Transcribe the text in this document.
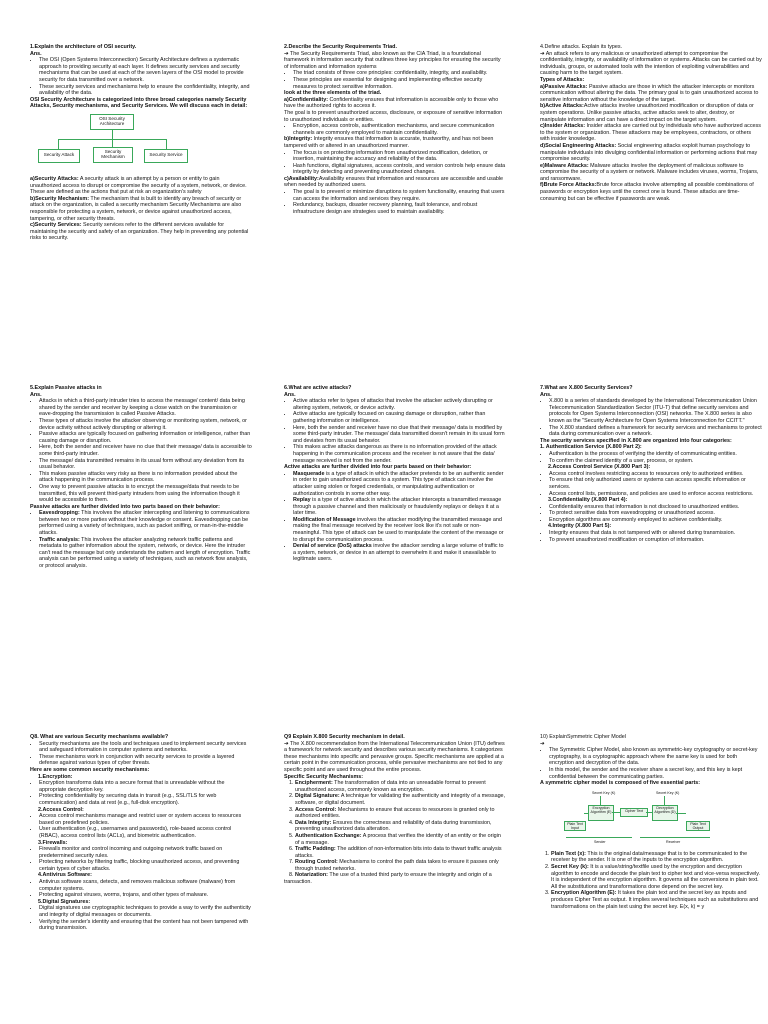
1.Explain the architecture of OSI security.

Ans.

• The OSI (Open Systems Interconnection) Security Architecture defines a systematic approach to providing security at each layer. It defines security services and security mechanisms that can be used at each of the seven layers of the OSI model to provide security for data transmitted over a network.
• These security services and mechanisms help to ensure the confidentiality, integrity, and availability of the data.

OSI Security Architecture is categorized into three broad categories namely Security Attacks, Security mechanisms, and Security Services. We will discuss each in detail:

OSI Security Architecture
Security Attack
Security Mechanism	Security Service

a)Security Attacks: A security attack is an attempt by a person or entity to gain unauthorized access to disrupt or compromise the security of a system, network, or device. These are defined as the actions that put at risk an organization's safety

b)Security Mechanism: The mechanism that is built to identify any breach of security or attack on the organization, is called a security mechanism Security Mechanisms are also responsible for protecting a system, network, or device against unauthorized access, tampering, or other security threats.

c)Security Services: Security services refer to the different services available for maintaining the security and safety of an organization. They help in preventing any potential risks to security.

2.Describe the Security Requirements Triad.

➔ The Security Requirements Triad, also known as the CIA Triad, is a foundational framework in information security that outlines three key principles for ensuring the security of information and information systems

• The triad consists of three core principles: confidentiality, integrity, and availability.
• These principles are essential for designing and implementing effective security measures to protect sensitive information.

look at the three elements of the triad.

a)Confidentiality: Confidentiality ensures that information is accessible only to those who have the authorized rights to access it.

The goal is to prevent unauthorized access, disclosure, or exposure of sensitive information to unauthorized individuals or entities.

• Encryption, access controls, authentication mechanisms, and secure communication channels are commonly employed to maintain confidentiality.

b)Integrity: Integrity ensures that information is accurate, trustworthy, and has not been tampered with or altered in an unauthorized manner.

• The focus is on protecting information from unauthorized modification, deletion, or insertion, maintaining the accuracy and reliability of the data.
• Hash functions, digital signatures, access controls, and version controls help ensure data integrity by detecting and preventing unauthorized changes.

c)Availability:Availability ensures that information and resources are accessible and usable when needed by authorized users.

• The goal is to prevent or minimize disruptions to system functionality, ensuring that users can access the information and services they require.
• Redundancy, backups, disaster recovery planning, fault tolerance, and robust infrastructure design are strategies used to maintain availability.

4.Define attacks. Explain its types.

➔ An attack refers to any malicious or unauthorized attempt to compromise the confidentiality, integrity, or availability of information or systems. Attacks can be carried out by individuals, groups, or automated tools with the intention of exploiting vulnerabilities and causing harm to the target system.

Types of Attacks:

a)Passive Attacks: Passive attacks are those in which the attacker intercepts or monitors communication without altering the data. The primary goal is to gain unauthorized access to sensitive information without the knowledge of the target.

b)Active Attacks:Active attacks involve unauthorized modification or disruption of data or system operations. Unlike passive attacks, active attacks seek to alter, destroy, or manipulate information and can have a direct impact on the target system.

c)Insider Attacks: Insider attacks are carried out by individuals who have authorized access to the system or organization. These attackers may be employees, contractors, or others with insider knowledge.

d)Social Engineering Attacks: Social engineering attacks exploit human psychology to manipulate individuals into divulging confidential information or performing actions that may compromise security.

e)Malware Attacks: Malware attacks involve the deployment of malicious software to compromise the security of a system or network. Malware includes viruses, worms, Trojans, and ransomware.

f)Brute Force Attacks:Brute force attacks involve attempting all possible combinations of passwords or encryption keys until the correct one is found. These attacks are time-consuming but can be effective if passwords are weak.

5.Explain Passive attacks in

Ans.

• Attacks in which a third-party intruder tries to access the message/ content/ data being shared by the sender and receiver by keeping a close watch on the transmission or eave-dropping the transmission is called Passive Attacks.
• These types of attacks involve the attacker observing or monitoring system, network, or device activity without actively disrupting or altering it.
• Passive attacks are typically focused on gathering information or intelligence, rather than causing damage or disruption.
• Here, both the sender and receiver have no clue that their message/ data is accessible to some third-party intruder.
• The message/ data transmitted remains in its usual form without any deviation from its usual behavior.
• This makes passive attacks very risky as there is no information provided about the attack happening in the communication process.
• One way to prevent passive attacks is to encrypt the message/data that needs to be transmitted, this will prevent third-party intruders from using the information though it would be accessible to them.

Passive attacks are further divided into two parts based on their behavior:

• Eavesdropping: This involves the attacker intercepting and listening to communications between two or more parties without their knowledge or consent. Eavesdropping can be performed using a variety of techniques, such as packet sniffing, or man-in-the-middle attacks.
• Traffic analysis: This involves the attacker analyzing network traffic patterns and metadata to gather information about the system, network, or device. Here the intruder can't read the message but only understands the pattern and length of encryption. Traffic analysis can be performed using a variety of techniques, such as network flow analysis, or protocol analysis.

6.What are active attacks?

Ans.

• Active attacks refer to types of attacks that involve the attacker actively disrupting or altering system, network, or device activity.
• Active attacks are typically focused on causing damage or disruption, rather than gathering information or intelligence.
• Here, both the sender and receiver have no clue that their message/ data is modified by some third-party intruder. The message/ data transmitted doesn't remain in its usual form and deviates from its usual behavior.
• This makes active attacks dangerous as there is no information provided of the attack happening in the communication process and the receiver is not aware that the data/ message received is not from the sender.

Active attacks are further divided into four parts based on their behavior:

• Masquerade is a type of attack in which the attacker pretends to be an authentic sender in order to gain unauthorized access to a system. This type of attack can involve the attacker using stolen or forged credentials, or manipulating authentication or authorization controls in some other way.
• Replay is a type of active attack in which the attacker intercepts a transmitted message through a passive channel and then maliciously or fraudulently replays or delays it at a later time.
• Modification of Message involves the attacker modifying the transmitted message and making the final message received by the receiver look like it's not safe or non-meaningful. This type of attack can be used to manipulate the content of the message or to disrupt the communication process.
• Denial of service (DoS) attacks involve the attacker sending a large volume of traffic to a system, network, or device in an attempt to overwhelm it and make it unavailable to legitimate users.

7.What are X.800 Security Services?

Ans.

• X.800 is a series of standards developed by the International Telecommunication Union Telecommunication Standardization Sector (ITU-T) that define security services and protocols for Open Systems Interconnection (OSI) networks. The X.800 series is also known as the "Security Architecture for Open Systems Interconnection for CCITT."
• The X.800 standard defines a framework for security services and mechanisms to protect data during communication over a network.

The security services specified in X.800 are organized into four categories:

1. Authentication Service (X.800 Part 2):

• Authentication is the process of verifying the identity of communicating entities.
• To confirm the claimed identity of a user, process, or system.

2.Access Control Service (X.800 Part 3):

• Access control involves restricting access to resources only to authorized entities.
• To ensure that only authorized users or systems can access specific information or services.
• Access control lists, permissions, and policies are used to enforce access restrictions.

3.Confidentiality (X.800 Part 4):

• Confidentiality ensures that information is not disclosed to unauthorized entities.
• To protect sensitive data from eavesdropping or unauthorized access.
• Encryption algorithms are commonly employed to achieve confidentiality.

4.Integrity (X.800 Part 5):

• Integrity ensures that data is not tampered with or altered during transmission.
• To prevent unauthorized modification or corruption of information.

Q8. What are various Security mechanisms available?

• Security mechanisms are the tools and techniques used to implement security services and safeguard information in computer systems and networks.
• These mechanisms work in conjunction with security services to provide a layered defense against various types of cyber threats.

Here are some common security mechanisms:

1.Encryption:

• Encryption transforms data into a secure format that is unreadable without the appropriate decryption key.
• Protecting confidentiality by securing data in transit (e.g., SSL/TLS for web communication) and data at rest (e.g., full-disk encryption).

2.Access Control:

• Access control mechanisms manage and restrict user or system access to resources based on predefined policies.
• User authentication (e.g., usernames and passwords), role-based access control (RBAC), access control lists (ACLs), and biometric authentication.

3.Firewalls:

• Firewalls monitor and control incoming and outgoing network traffic based on predetermined security rules.
• Protecting networks by filtering traffic, blocking unauthorized access, and preventing certain types of cyber attacks.

4.Antivirus Software:

• Antivirus software scans, detects, and removes malicious software (malware) from computer systems.
• Protecting against viruses, worms, trojans, and other types of malware.

5.Digital Signatures:

• Digital signatures use cryptographic techniques to provide a way to verify the authenticity and integrity of digital messages or documents.
• Verifying the sender's identity and ensuring that the content has not been tampered with during transmission.

Q9 Explain X.800 Security mechanism in detail.

➔ The X.800 recommendation from the International Telecommunication Union (ITU) defines a framework for network security and describes various security mechanisms. It categorizes these mechanisms into specific and pervasive groups. Specific mechanisms are applied at a certain point in the communication process, while pervasive mechanisms are not tied to any specific point and are used throughout the entire process.

Specific Security Mechanisms:

1. Encipherment: The transformation of data into an unreadable format to prevent unauthorized access, commonly known as encryption.
2. Digital Signature: A technique for validating the authenticity and integrity of a message, software, or digital document.
3. Access Control: Mechanisms to ensure that access to resources is granted only to authorized entities.
4. Data Integrity: Ensures the correctness and reliability of data during transmission, preventing unauthorized data alteration.
5. Authentication Exchange: A process that verifies the identity of an entity or the origin of a message.
6. Traffic Padding: The addition of non-information bits into data to thwart traffic analysis attacks.
7. Routing Control: Mechanisms to control the path data takes to ensure it passes only through trusted networks.
8. Notarization: The use of a trusted third party to ensure the integrity and origin of a

transaction.

10) ExplainSymmetric Cipher Model

➔

• The Symmetric Cipher Model, also known as symmetric-key cryptography or secret-key cryptography, is a cryptographic approach where the same key is used for both encryption and decryption of the data.
• In this model, the sender and the receiver share a secret key, and this key is kept confidential between the communicating parties.

A symmetric cipher model is composed of five essential parts:

Secret Key (K)	Secret Key (K)
Encryption Algorithm (E)	Cipher Text
Decryption Algorithm (D)
Plain Text Input
Plain Text Output
Sender	Receiver
1. Plain Text (x): This is the original data/message that is to be communicated to the receiver by the sender. It is one of the inputs to the encryption algorithm.
2. Secret Key (k): It is a value/string/textfile used by the encryption and decryption algorithm to encode and decode the plain text to cipher text and vice-versa respectively. It is independent of the encryption algorithm. It governs all the conversions in plain text. All the substitutions and transformations done depend on the secret key.
3. Encryption Algorithm (E): It takes the plain text and the secret key as inputs and produces Cipher Text as output. It implies several techniques such as substitutions and transformations on the plain text using the secret key. E(x, k) = y
